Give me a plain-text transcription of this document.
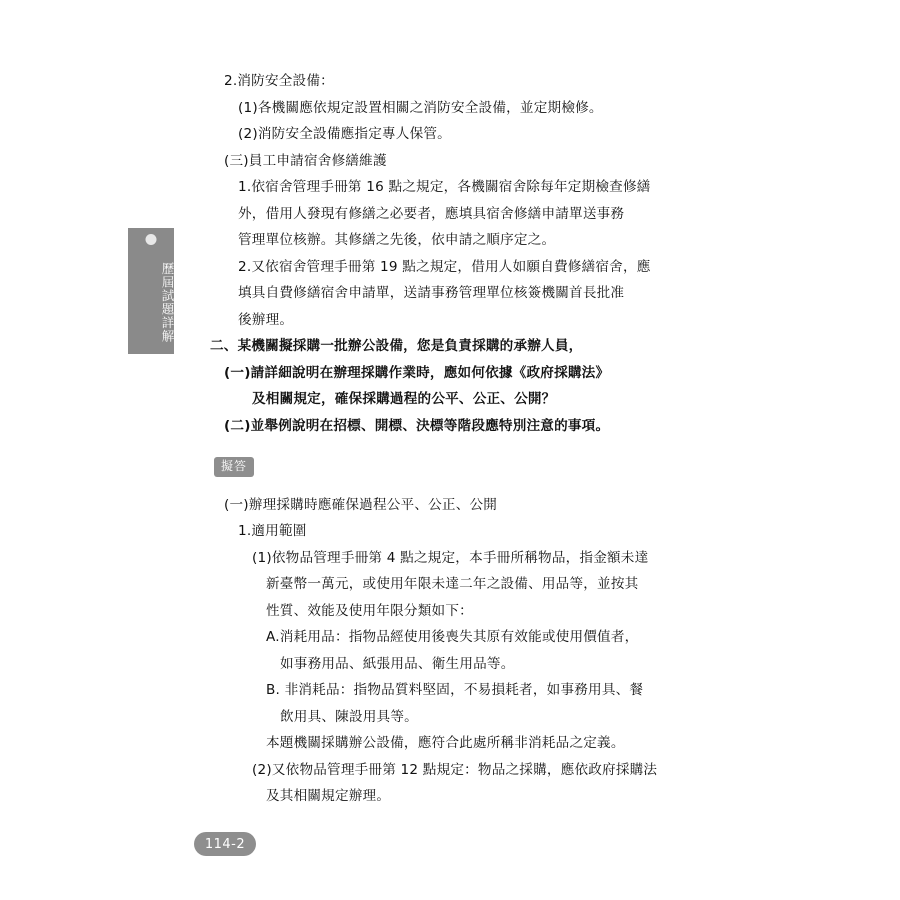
歷屆試題詳解
2.消防安全設備：
(1)各機關應依規定設置相關之消防安全設備，並定期檢修。
(2)消防安全設備應指定專人保管。
(三)員工申請宿舍修繕維護
1.依宿舍管理手冊第 16 點之規定，各機關宿舍除每年定期檢查修繕
外，借用人發現有修繕之必要者，應填具宿舍修繕申請單送事務
管理單位核辦。其修繕之先後，依申請之順序定之。
2.又依宿舍管理手冊第 19 點之規定，借用人如願自費修繕宿舍，應
填具自費修繕宿舍申請單，送請事務管理單位核簽機關首長批准
後辦理。
二、某機關擬採購一批辦公設備，您是負責採購的承辦人員，
(一)請詳細說明在辦理採購作業時，應如何依據《政府採購法》
及相關規定，確保採購過程的公平、公正、公開？
(二)並舉例說明在招標、開標、決標等階段應特別注意的事項。
擬答
(一)辦理採購時應確保過程公平、公正、公開
1.適用範圍
(1)依物品管理手冊第 4 點之規定，本手冊所稱物品，指金額未達
新臺幣一萬元，或使用年限未達二年之設備、用品等，並按其
性質、效能及使用年限分類如下：
A.消耗用品：指物品經使用後喪失其原有效能或使用價值者，
如事務用品、紙張用品、衛生用品等。
B. 非消耗品：指物品質料堅固，不易損耗者，如事務用具、餐
飲用具、陳設用具等。
本題機關採購辦公設備，應符合此處所稱非消耗品之定義。
(2)又依物品管理手冊第 12 點規定：物品之採購，應依政府採購法
及其相關規定辦理。
114-2
